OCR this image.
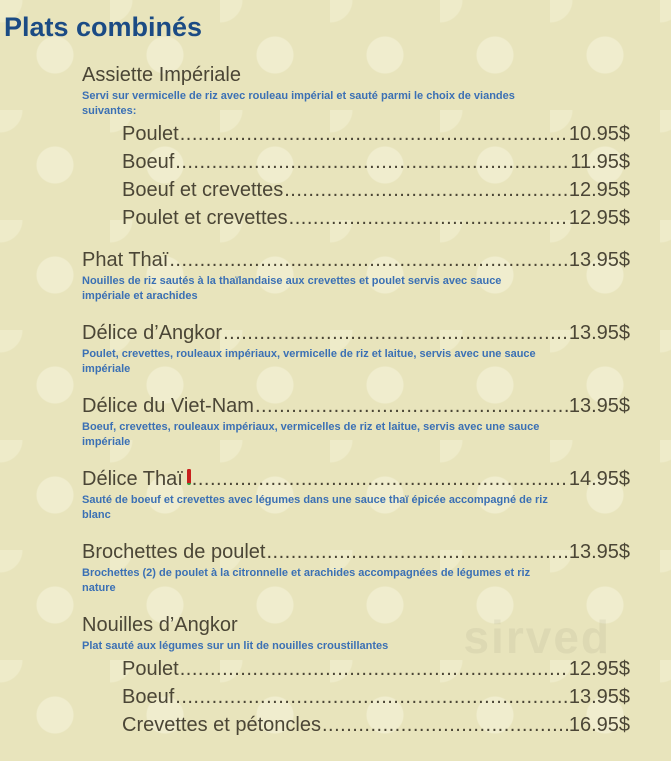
Plats combinés
sirved
Assiette Impériale
Servi sur vermicelle de riz avec rouleau impérial et sauté parmi le choix de viandes suivantes:
Poulet .....	10.95$
Boeuf .....	11.95$
Boeuf et crevettes .....	12.95$
Poulet et crevettes .....	12.95$
Phat Thaï .....	13.95$
Nouilles de riz sautés à la thaïlandaise aux crevettes et poulet servis avec sauce impériale et arachides
Délice d’Angkor .....	13.95$
Poulet, crevettes, rouleaux impériaux, vermicelle de riz et laitue, servis avec une sauce impériale
Délice du Viet-Nam .....	13.95$
Boeuf, crevettes, rouleaux impériaux, vermicelles de riz et laitue, servis avec une sauce impériale
Délice Thaï .....	14.95$
Sauté de boeuf et crevettes avec légumes dans une sauce thaï épicée accompagné de riz blanc
Brochettes de poulet .....	13.95$
Brochettes (2) de poulet à la citronnelle et arachides accompagnées de légumes et riz nature
Nouilles d’Angkor
Plat sauté aux légumes sur un lit de nouilles croustillantes
Poulet .....	12.95$
Boeuf .....	13.95$
Crevettes et pétoncles .....	16.95$
